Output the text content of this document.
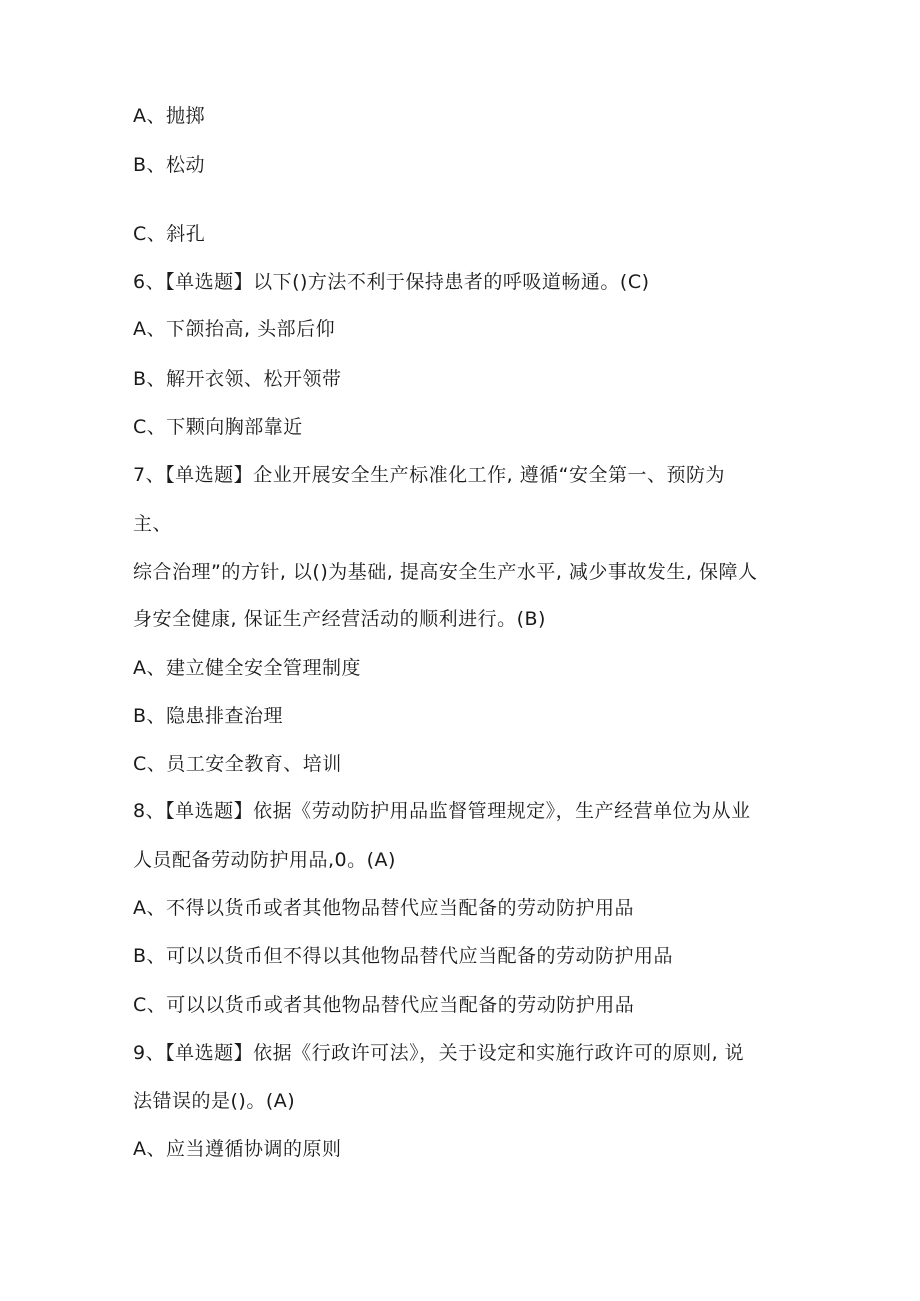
A、抛掷
B、松动
C、斜孔
6、【单选题】以下()方法不利于保持患者的呼吸道畅通。(C)
A、下颌抬高, 头部后仰
B、解开衣领、松开领带
C、下颗向胸部靠近
7、【单选题】企业开展安全生产标准化工作, 遵循“安全第一、预防为
主、
综合治理”的方针, 以()为基础, 提高安全生产水平, 减少事故发生, 保障人
身安全健康, 保证生产经营活动的顺利进行。(B)
A、建立健全安全管理制度
B、隐患排查治理
C、员工安全教育、培训
8、【单选题】依据《劳动防护用品监督管理规定》，生产经营单位为从业
人员配备劳动防护用品,0。(A)
A、不得以货币或者其他物品替代应当配备的劳动防护用品
B、可以以货币但不得以其他物品替代应当配备的劳动防护用品
C、可以以货币或者其他物品替代应当配备的劳动防护用品
9、【单选题】依据《行政许可法》，关于设定和实施行政许可的原则, 说
法错误的是()。(A)
A、应当遵循协调的原则
